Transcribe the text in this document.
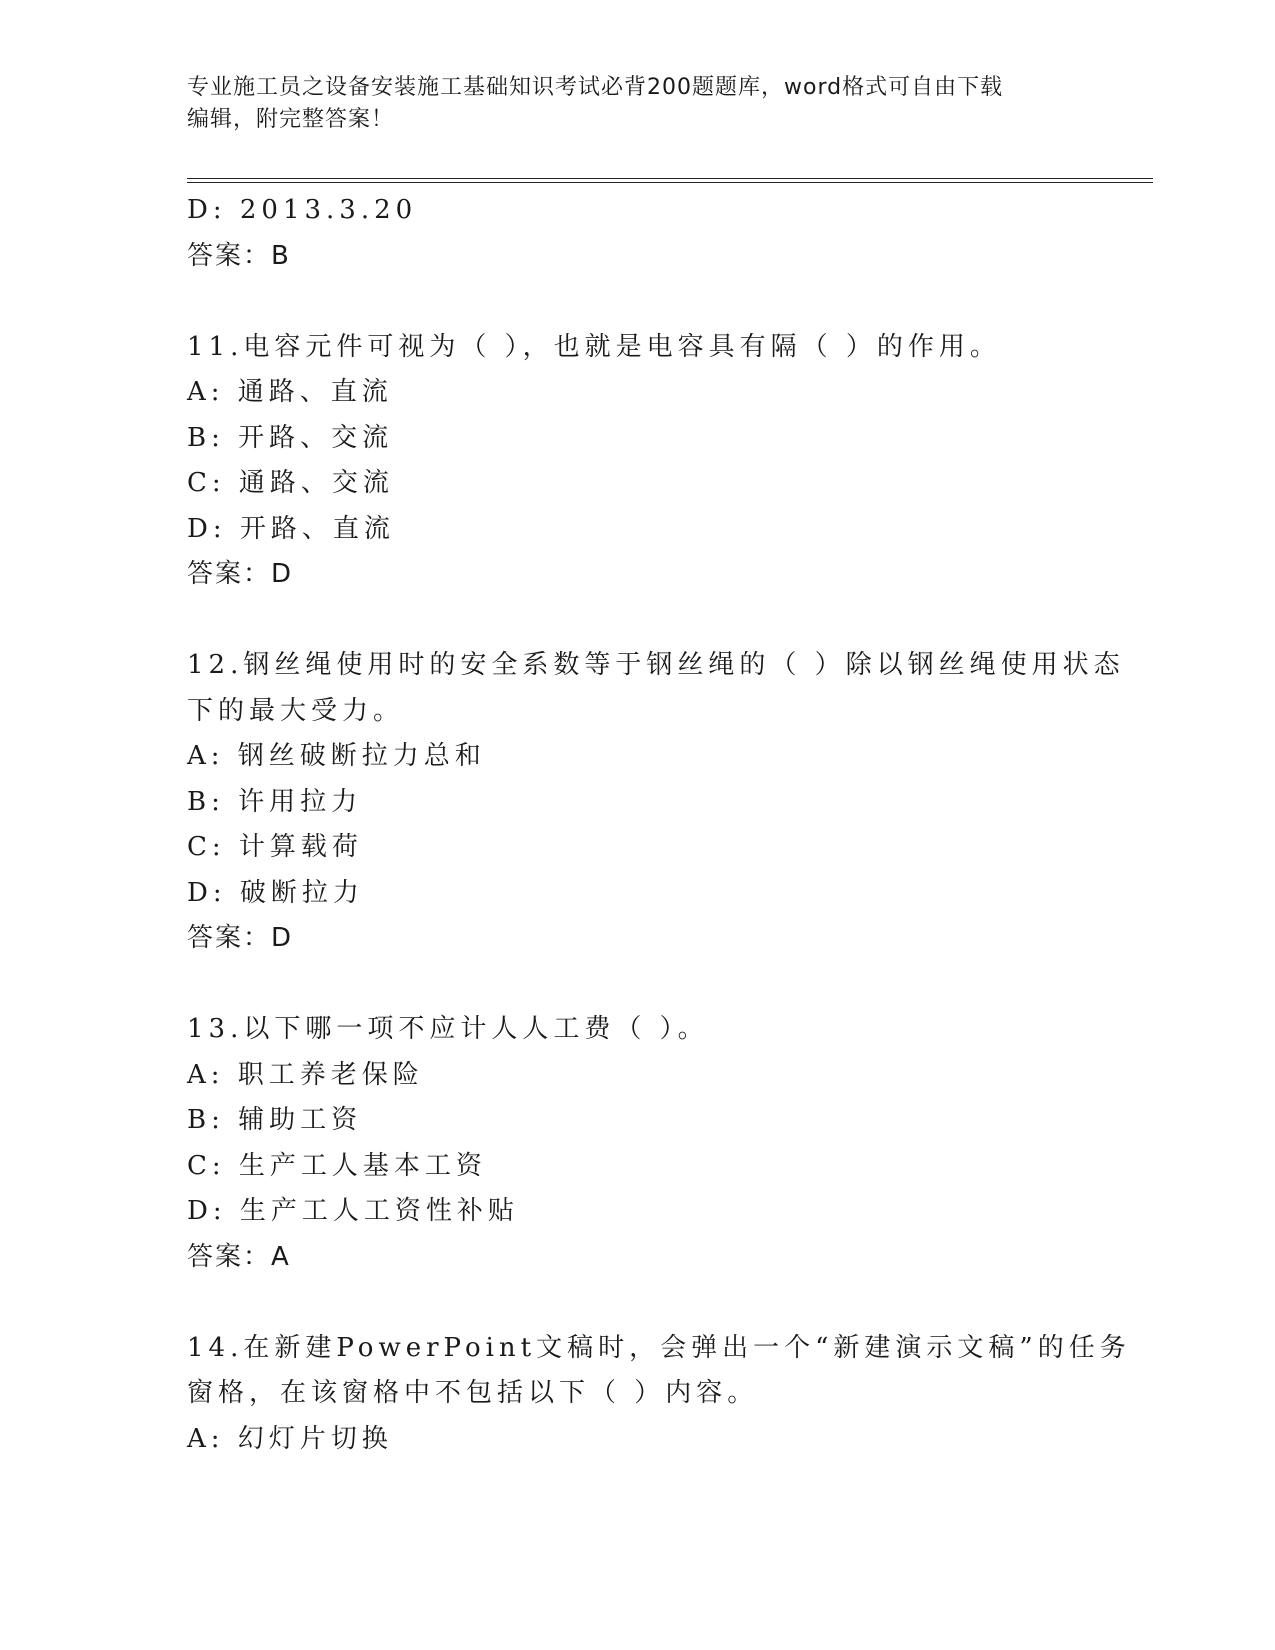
专业施工员之设备安装施工基础知识考试必背200题题库，word格式可自由下载
编辑，附完整答案！
D: 2013.3.20
答案：B
11.电容元件可视为（ ），也就是电容具有隔（ ）的作用。
A: 通路、直流
B: 开路、交流
C: 通路、交流
D: 开路、直流
答案：D
12.钢丝绳使用时的安全系数等于钢丝绳的（ ）除以钢丝绳使用状态
下的最大受力。
A: 钢丝破断拉力总和
B: 许用拉力
C: 计算载荷
D: 破断拉力
答案：D
13.以下哪一项不应计人人工费（ ）。
A: 职工养老保险
B: 辅助工资
C: 生产工人基本工资
D: 生产工人工资性补贴
答案：A
14.在新建PowerPoint文稿时，会弹出一个“新建演示文稿”的任务
窗格，在该窗格中不包括以下（ ）内容。
A: 幻灯片切换
